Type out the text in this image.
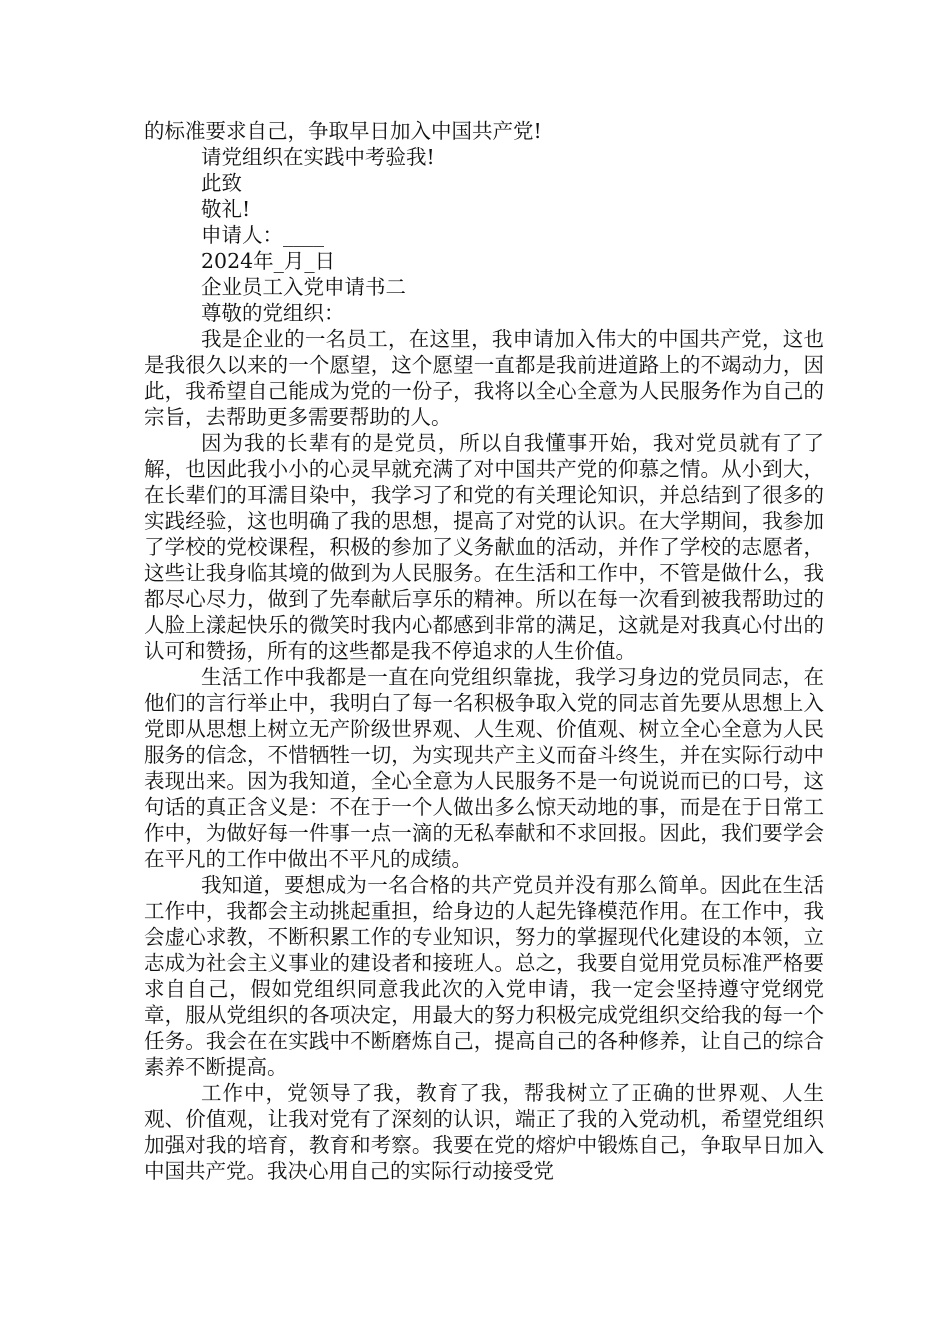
的标准要求自己，争取早日加入中国共产党!

请党组织在实践中考验我!

此致

敬礼!

申请人：____

2024年_月_日

企业员工入党申请书二

尊敬的党组织：

我是企业的一名员工，在这里，我申请加入伟大的中国共产党，这也是我很久以来的一个愿望，这个愿望一直都是我前进道路上的不竭动力，因此，我希望自己能成为党的一份子，我将以全心全意为人民服务作为自己的宗旨，去帮助更多需要帮助的人。

因为我的长辈有的是党员，所以自我懂事开始，我对党员就有了了解，也因此我小小的心灵早就充满了对中国共产党的仰慕之情。从小到大，在长辈们的耳濡目染中，我学习了和党的有关理论知识，并总结到了很多的实践经验，这也明确了我的思想，提高了对党的认识。在大学期间，我参加了学校的党校课程，积极的参加了义务献血的活动，并作了学校的志愿者，这些让我身临其境的做到为人民服务。在生活和工作中，不管是做什么，我都尽心尽力，做到了先奉献后享乐的精神。所以在每一次看到被我帮助过的人脸上漾起快乐的微笑时我内心都感到非常的满足，这就是对我真心付出的认可和赞扬，所有的这些都是我不停追求的人生价值。

生活工作中我都是一直在向党组织靠拢，我学习身边的党员同志，在他们的言行举止中，我明白了每一名积极争取入党的同志首先要从思想上入党即从思想上树立无产阶级世界观、人生观、价值观、树立全心全意为人民服务的信念，不惜牺牲一切，为实现共产主义而奋斗终生，并在实际行动中表现出来。因为我知道，全心全意为人民服务不是一句说说而已的口号，这句话的真正含义是：不在于一个人做出多么惊天动地的事，而是在于日常工作中，为做好每一件事一点一滴的无私奉献和不求回报。因此，我们要学会在平凡的工作中做出不平凡的成绩。

我知道，要想成为一名合格的共产党员并没有那么简单。因此在生活工作中，我都会主动挑起重担，给身边的人起先锋模范作用。在工作中，我会虚心求教，不断积累工作的专业知识，努力的掌握现代化建设的本领，立志成为社会主义事业的建设者和接班人。总之，我要自觉用党员标准严格要求自自己，假如党组织同意我此次的入党申请，我一定会坚持遵守党纲党章，服从党组织的各项决定，用最大的努力积极完成党组织交给我的每一个任务。我会在在实践中不断磨炼自己，提高自己的各种修养，让自己的综合素养不断提高。

工作中，党领导了我，教育了我，帮我树立了正确的世界观、人生观、价值观，让我对党有了深刻的认识，端正了我的入党动机，希望党组织加强对我的培育，教育和考察。我要在党的熔炉中锻炼自己，争取早日加入中国共产党。我决心用自己的实际行动接受党
